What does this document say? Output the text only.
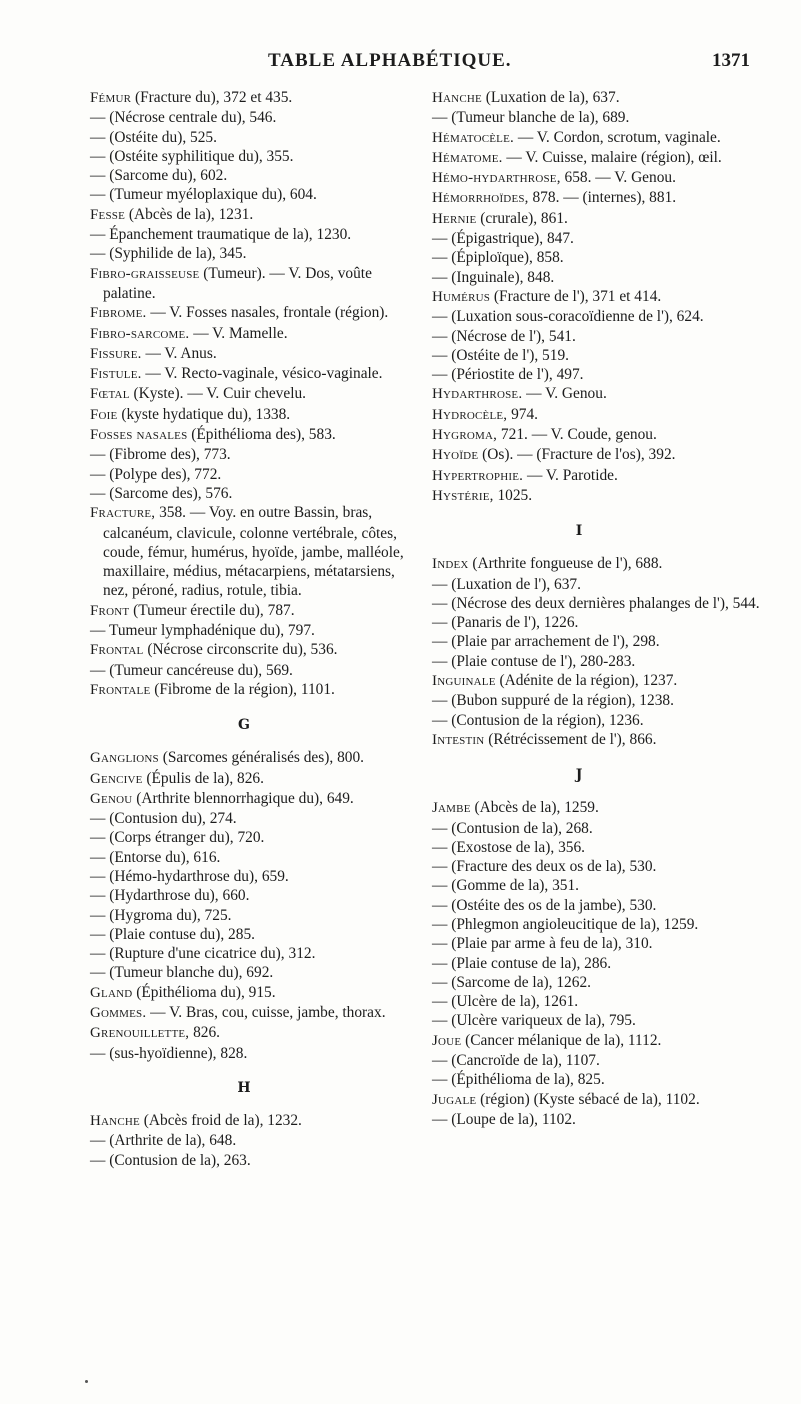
TABLE ALPHABÉTIQUE.	1371

Fémur (Fracture du), 372 et 435.

— (Nécrose centrale du), 546.

— (Ostéite du), 525.

— (Ostéite syphilitique du), 355.

— (Sarcome du), 602.

— (Tumeur myéloplaxique du), 604.

Fesse (Abcès de la), 1231.

— Épanchement traumatique de la), 1230.

— (Syphilide de la), 345.

Fibro-graisseuse (Tumeur). — V. Dos, voûte palatine.

Fibrome. — V. Fosses nasales, frontale (région).

Fibro-sarcome. — V. Mamelle.

Fissure. — V. Anus.

Fistule. — V. Recto-vaginale, vésico-vaginale.

Fœtal (Kyste). — V. Cuir chevelu.

Foie (kyste hydatique du), 1338.

Fosses nasales (Épithélioma des), 583.

— (Fibrome des), 773.

— (Polype des), 772.

— (Sarcome des), 576.

Fracture, 358. — Voy. en outre Bassin, bras, calcanéum, clavicule, colonne vertébrale, côtes, coude, fémur, humérus, hyoïde, jambe, malléole, maxillaire, médius, métacarpiens, métatarsiens, nez, péroné, radius, rotule, tibia.

Front (Tumeur érectile du), 787.

— Tumeur lymphadénique du), 797.

Frontal (Nécrose circonscrite du), 536.

— (Tumeur cancéreuse du), 569.

Frontale (Fibrome de la région), 1101.

G

Ganglions (Sarcomes généralisés des), 800.

Gencive (Épulis de la), 826.

Genou (Arthrite blennorrhagique du), 649.

— (Contusion du), 274.

— (Corps étranger du), 720.

— (Entorse du), 616.

— (Hémo-hydarthrose du), 659.

— (Hydarthrose du), 660.

— (Hygroma du), 725.

— (Plaie contuse du), 285.

— (Rupture d'une cicatrice du), 312.

— (Tumeur blanche du), 692.

Gland (Épithélioma du), 915.

Gommes. — V. Bras, cou, cuisse, jambe, thorax.

Grenouillette, 826.

— (sus-hyoïdienne), 828.

H

Hanche (Abcès froid de la), 1232.

— (Arthrite de la), 648.

— (Contusion de la), 263.

Hanche (Luxation de la), 637.

— (Tumeur blanche de la), 689.

Hématocèle. — V. Cordon, scrotum, vaginale.

Hématome. — V. Cuisse, malaire (région), œil.

Hémo-hydarthrose, 658. — V. Genou.

Hémorrhoïdes, 878. — (internes), 881.

Hernie (crurale), 861.

— (Épigastrique), 847.

— (Épiploïque), 858.

— (Inguinale), 848.

Humérus (Fracture de l'), 371 et 414.

— (Luxation sous-coracoïdienne de l'), 624.

— (Nécrose de l'), 541.

— (Ostéite de l'), 519.

— (Périostite de l'), 497.

Hydarthrose. — V. Genou.

Hydrocèle, 974.

Hygroma, 721. — V. Coude, genou.

Hyoïde (Os). — (Fracture de l'os), 392.

Hypertrophie. — V. Parotide.

Hystérie, 1025.

I

Index (Arthrite fongueuse de l'), 688.

— (Luxation de l'), 637.

— (Nécrose des deux dernières phalanges de l'), 544.

— (Panaris de l'), 1226.

— (Plaie par arrachement de l'), 298.

— (Plaie contuse de l'), 280-283.

Inguinale (Adénite de la région), 1237.

— (Bubon suppuré de la région), 1238.

— (Contusion de la région), 1236.

Intestin (Rétrécissement de l'), 866.

J

Jambe (Abcès de la), 1259.

— (Contusion de la), 268.

— (Exostose de la), 356.

— (Fracture des deux os de la), 530.

— (Gomme de la), 351.

— (Ostéite des os de la jambe), 530.

— (Phlegmon angioleucitique de la), 1259.

— (Plaie par arme à feu de la), 310.

— (Plaie contuse de la), 286.

— (Sarcome de la), 1262.

— (Ulcère de la), 1261.

— (Ulcère variqueux de la), 795.

Joue (Cancer mélanique de la), 1112.

— (Cancroïde de la), 1107.

— (Épithélioma de la), 825.

Jugale (région) (Kyste sébacé de la), 1102.

— (Loupe de la), 1102.
